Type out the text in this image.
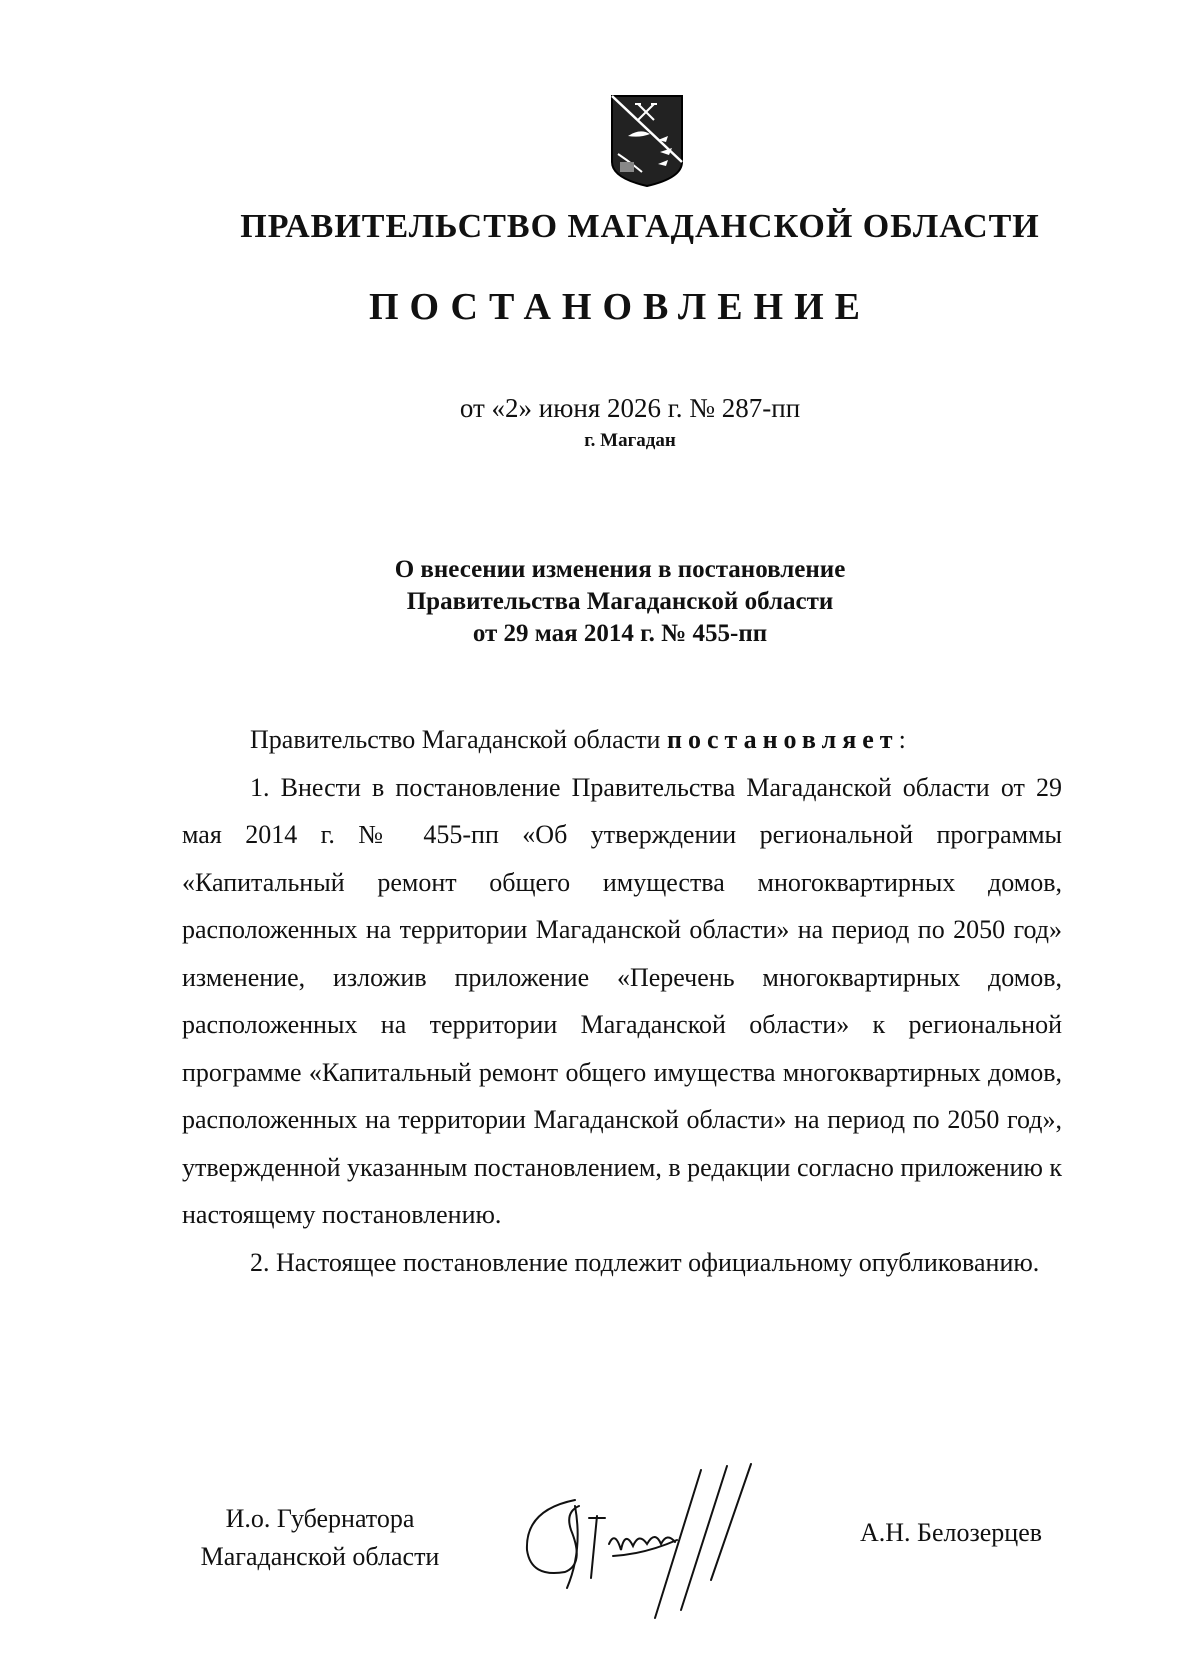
ПРАВИТЕЛЬСТВО МАГАДАНСКОЙ ОБЛАСТИ
ПОСТАНОВЛЕНИЕ
от «2» июня 2026 г. № 287-пп
г. Магадан
О внесении изменения в постановление
Правительства Магаданской области
от 29 мая 2014 г. № 455-пп

Правительство Магаданской области постановляет:

1. Внести в постановление Правительства Магаданской области от 29 мая 2014 г. № 455-пп «Об утверждении региональной программы «Капитальный ремонт общего имущества многоквартирных домов, расположенных на территории Магаданской области» на период по 2050 год» изменение, изложив приложение «Перечень многоквартирных домов, расположенных на территории Магаданской области» к региональной программе «Капитальный ремонт общего имущества многоквартирных домов, расположенных на территории Магаданской области» на период по 2050 год», утвержденной указанным постановлением, в редакции согласно приложению к настоящему постановлению.

2. Настоящее постановление подлежит официальному опубликованию.

И.о. Губернатора
Магаданской области
А.Н. Белозерцев
